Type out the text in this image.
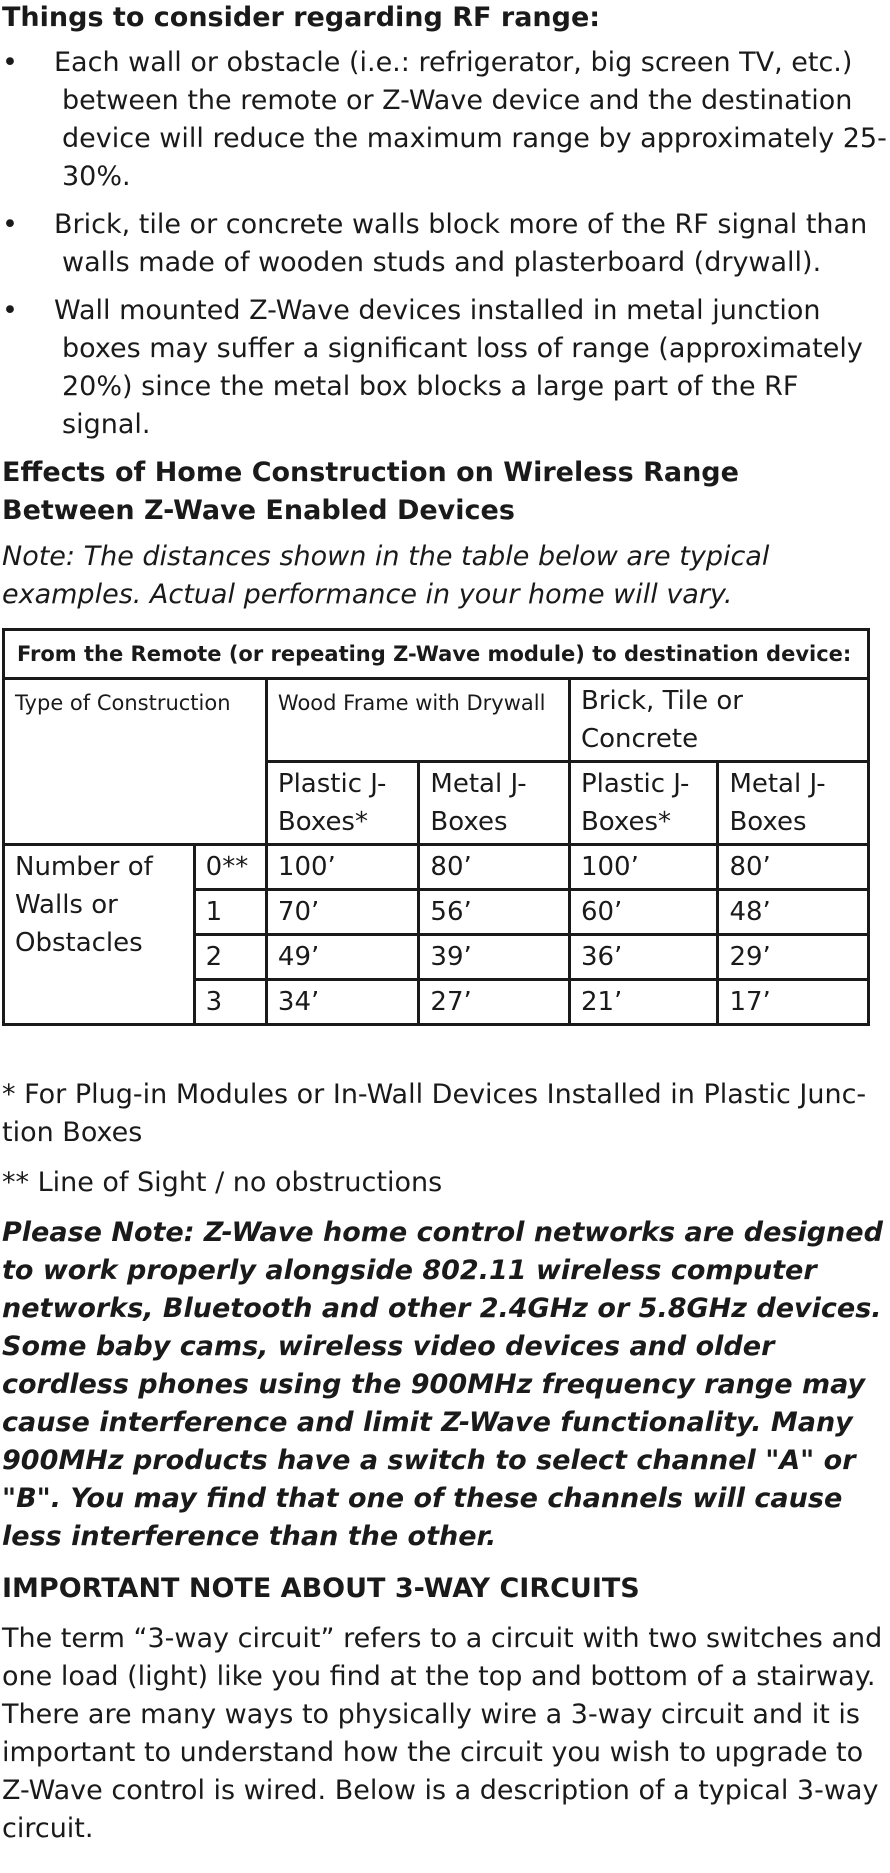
Things to consider regarding RF range:

• Each wall or obstacle (i.e.: refrigerator, big screen TV, etc.) between the remote or Z-Wave device and the destination device will reduce the maximum range by approximately 25-30%.
• Brick, tile or concrete walls block more of the RF signal than walls made of wooden studs and plasterboard (drywall).
• Wall mounted Z-Wave devices installed in metal junction boxes may suffer a significant loss of range (approximately 20%) since the metal box blocks a large part of the RF signal.

Effects of Home Construction on Wireless Range
Between Z-Wave Enabled Devices

Note: The distances shown in the table below are typical examples. Actual performance in your home will vary.

From the Remote (or repeating Z-Wave module) to destination device:					
Type of Construction		Wood Frame with Drywall		Brick, Tile or Concrete	
		Plastic J-Boxes*	Metal J-Boxes	Plastic J-Boxes*	Metal J-Boxes
Number of Walls or Obstacles	0**	100’	80’	100’	80’
	1	70’	56’	60’	48’
	2	49’	39’	36’	29’
	3	34’	27’	21’	17’

* For Plug-in Modules or In-Wall Devices Installed in Plastic Junc-tion Boxes

** Line of Sight / no obstructions

Please Note: Z-Wave home control networks are designed to work properly alongside 802.11 wireless computer networks, Bluetooth and other 2.4GHz or 5.8GHz devices. Some baby cams, wireless video devices and older cordless phones using the 900MHz frequency range may cause interference and limit Z-Wave functionality. Many 900MHz products have a switch to select channel "A" or "B". You may find that one of these channels will cause less interference than the other.

IMPORTANT NOTE ABOUT 3-WAY CIRCUITS

The term “3-way circuit” refers to a circuit with two switches and one load (light) like you find at the top and bottom of a stairway. There are many ways to physically wire a 3-way circuit and it is important to understand how the circuit you wish to upgrade to Z-Wave control is wired. Below is a description of a typical 3-way circuit.
